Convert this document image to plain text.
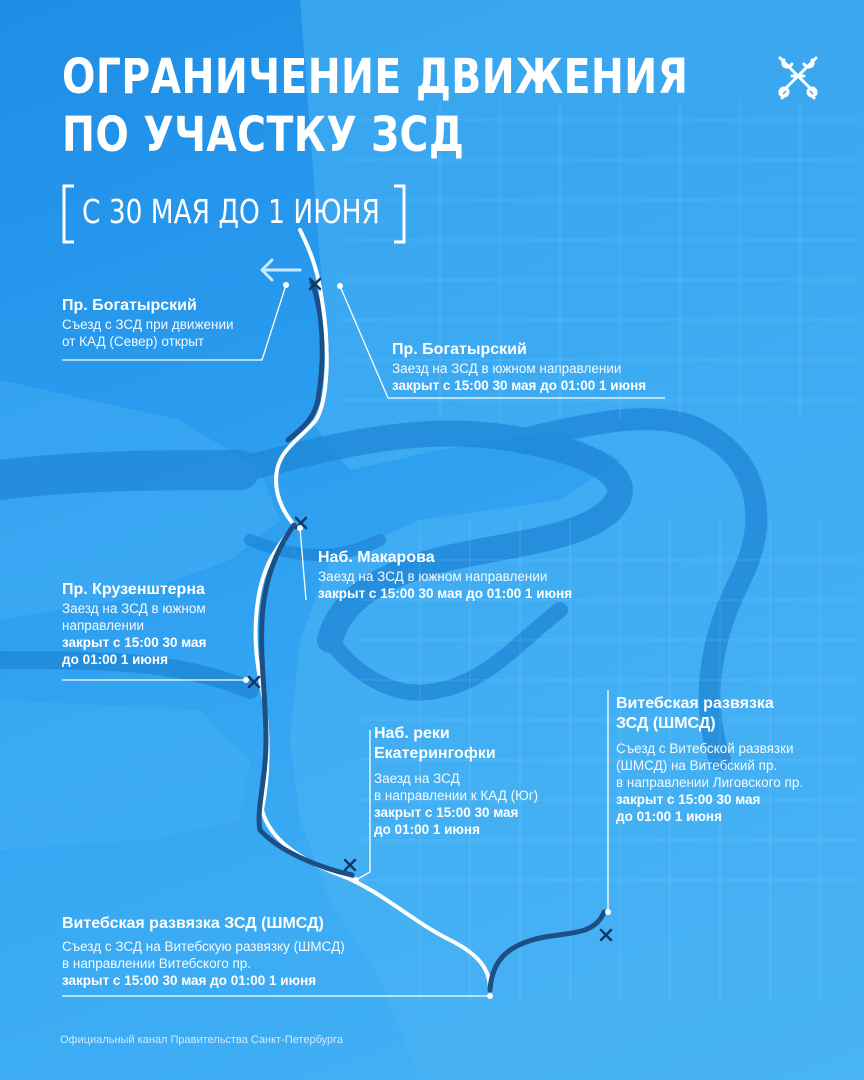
ОГРАНИЧЕНИЕ ДВИЖЕНИЯ
ПО УЧАСТКУ ЗСД
С 30 МАЯ ДО 1 ИЮНЯ
Пр. Богатырский
Съезд с ЗСД при движении
от КАД (Север) открыт	Пр. Богатырский
Заезд на ЗСД в южном направлении
закрыт с 15:00 30 мая до 01:00 1 июня
Наб. Макарова
Заезд на ЗСД в южном направлении
закрыт с 15:00 30 мая до 01:00 1 июня
Пр. Крузенштерна
Заезд на ЗСД в южном
направлении
закрыт с 15:00 30 мая
до 01:00 1 июня
Наб. реки
Екатерингофки
Заезд на ЗСД
в направлении к КАД (Юг)
закрыт с 15:00 30 мая
до 01:00 1 июня
Витебская развязка
ЗСД (ШМСД)
Съезд с Витебской развязки
(ШМСД) на Витебский пр.
в направлении Лиговского пр.
закрыт с 15:00 30 мая
до 01:00 1 июня
Витебская развязка ЗСД (ШМСД)
Съезд с ЗСД на Витебскую развязку (ШМСД)
в направлении Витебского пр.
закрыт с 15:00 30 мая до 01:00 1 июня
Официальный канал Правительства Санкт-Петербурга
